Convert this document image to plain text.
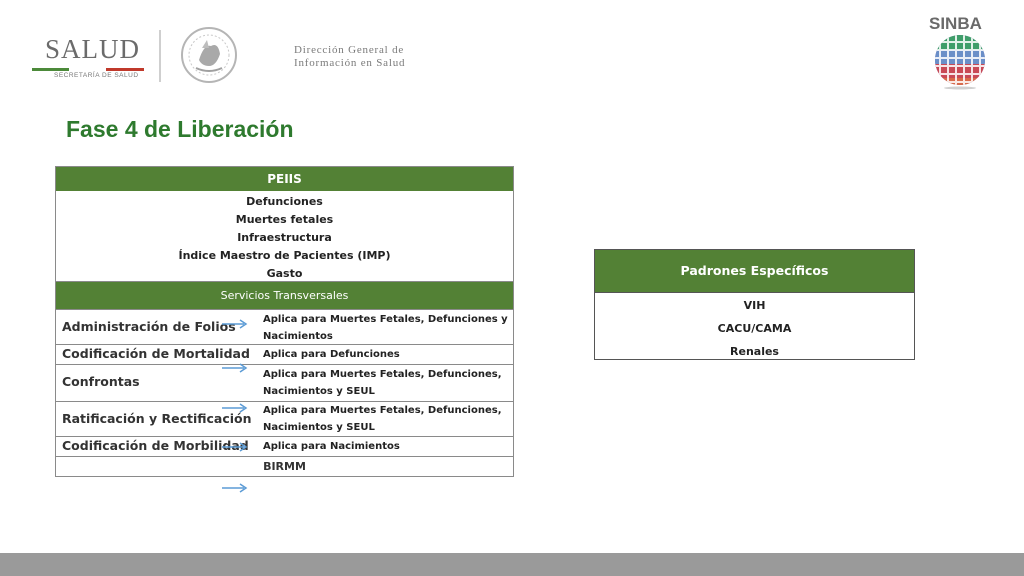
SALUD
SECRETARÍA DE SALUD
Dirección General de
Información en Salud
SINBA
Fase 4 de Liberación
PEIIS
Defunciones
Muertes fetales
Infraestructura
Índice Maestro de Pacientes (IMP)
Gasto
Servicios Transversales
Administración de Folios	Aplica para Muertes Fetales, Defunciones y Nacimientos
Codificación de Mortalidad Aplica para Defunciones
Confrontas	Aplica para Muertes Fetales, Defunciones, Nacimientos y SEUL
Ratificación y Rectificación
Aplica para Muertes Fetales, Defunciones, Nacimientos y SEUL
Codificación de Morbilidad Aplica para Nacimientos
BIRMM
Padrones Específicos
VIH
CACU/CAMA
Renales
